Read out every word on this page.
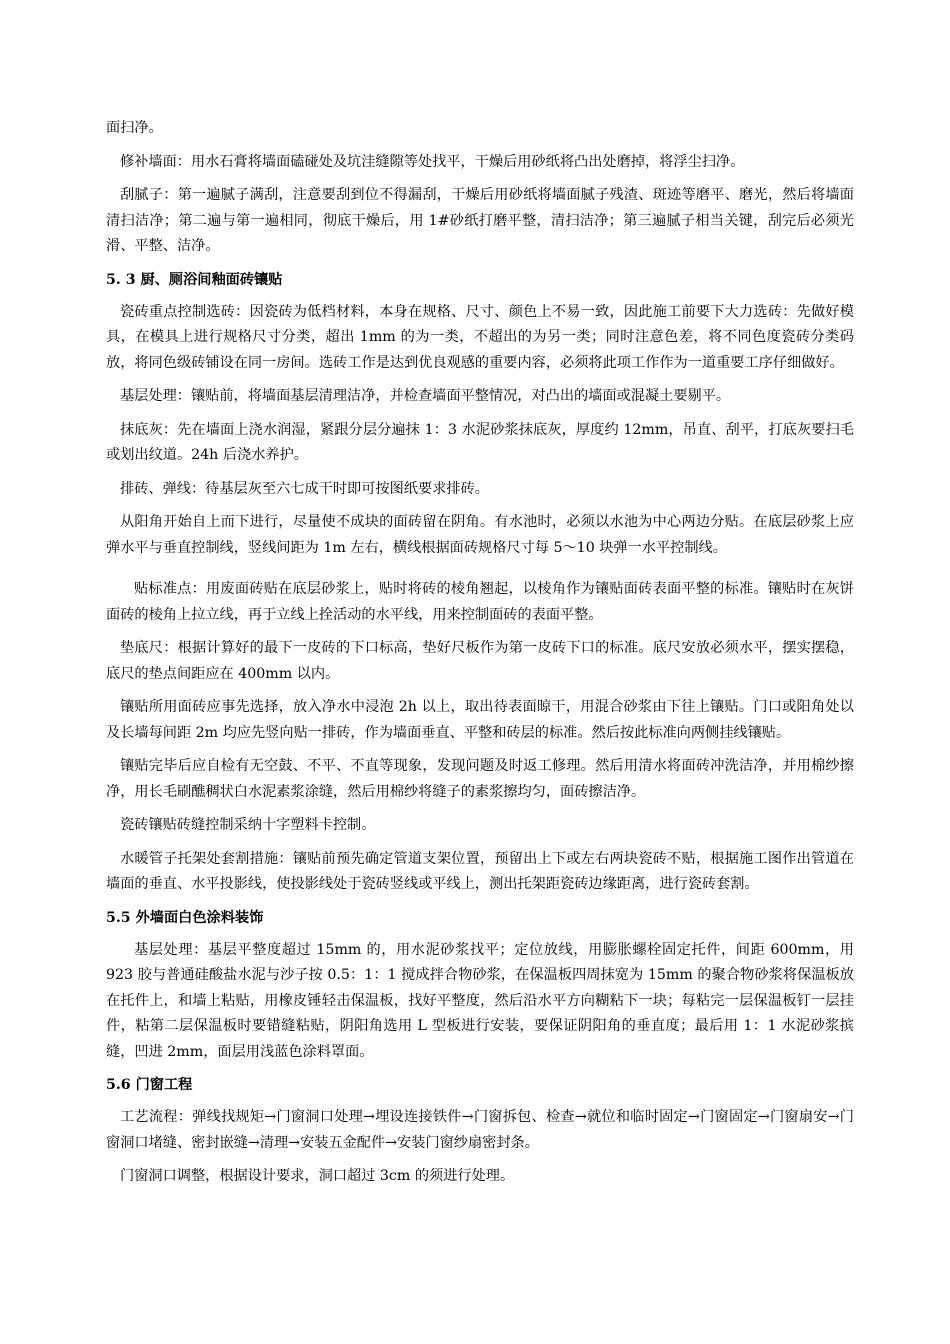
面扫净。

修补墙面：用水石膏将墙面磕碰处及坑洼缝隙等处找平，干燥后用砂纸将凸出处磨掉，将浮尘扫净。

刮腻子：第一遍腻子满刮，注意要刮到位不得漏刮，干燥后用砂纸将墙面腻子残渣、斑迹等磨平、磨光，然后将墙面清扫洁净；第二遍与第一遍相同，彻底干燥后，用 1#砂纸打磨平整，清扫洁净；第三遍腻子相当关键，刮完后必须光滑、平整、洁净。

5. 3 厨、厕浴间釉面砖镶贴

瓷砖重点控制选砖：因瓷砖为低档材料，本身在规格、尺寸、颜色上不易一致，因此施工前要下大力选砖：先做好模具，在模具上进行规格尺寸分类，超出 1mm 的为一类，不超出的为另一类；同时注意色差，将不同色度瓷砖分类码放，将同色级砖铺设在同一房间。选砖工作是达到优良观感的重要内容，必须将此项工作作为一道重要工序仔细做好。

基层处理：镶贴前，将墙面基层清理洁净，并检查墙面平整情况，对凸出的墙面或混凝土要剔平。

抹底灰：先在墙面上浇水润湿，紧跟分层分遍抹 1：3 水泥砂浆抹底灰，厚度约 12mm，吊直、刮平，打底灰要扫毛或划出纹道。24h 后浇水养护。

排砖、弹线：待基层灰至六七成干时即可按图纸要求排砖。

从阳角开始自上而下进行，尽量使不成块的面砖留在阴角。有水池时，必须以水池为中心两边分贴。在底层砂浆上应弹水平与垂直控制线，竖线间距为 1m 左右，横线根据面砖规格尺寸每 5～10 块弹一水平控制线。

贴标准点：用废面砖贴在底层砂浆上，贴时将砖的棱角翘起，以棱角作为镶贴面砖表面平整的标准。镶贴时在灰饼面砖的棱角上拉立线，再于立线上拴活动的水平线，用来控制面砖的表面平整。

垫底尺：根据计算好的最下一皮砖的下口标高，垫好尺板作为第一皮砖下口的标准。底尺安放必须水平，摆实摆稳，底尺的垫点间距应在 400mm 以内。

镶贴所用面砖应事先选择，放入净水中浸泡 2h 以上，取出待表面晾干，用混合砂浆由下往上镶贴。门口或阳角处以及长墙每间距 2m 均应先竖向贴一排砖，作为墙面垂直、平整和砖层的标准。然后按此标准向两侧挂线镶贴。

镶贴完毕后应自检有无空鼓、不平、不直等现象，发现问题及时返工修理。然后用清水将面砖冲洗洁净，并用棉纱擦净，用长毛刷醮稠状白水泥素浆涂缝，然后用棉纱将缝子的素浆擦均匀，面砖擦洁净。

瓷砖镶贴砖缝控制采纳十字塑料卡控制。

水暖管子托架处套割措施：镶贴前预先确定管道支架位置，预留出上下或左右两块瓷砖不贴，根据施工图作出管道在墙面的垂直、水平投影线，使投影线处于瓷砖竖线或平线上，测出托架距瓷砖边缘距离，进行瓷砖套割。

5.5 外墙面白色涂料装饰

基层处理：基层平整度超过 15mm 的，用水泥砂浆找平；定位放线，用膨胀螺栓固定托件，间距 600mm，用 923 胶与普通硅酸盐水泥与沙子按 0.5：1：1 搅成拌合物砂浆，在保温板四周抹宽为 15mm 的聚合物砂浆将保温板放在托件上，和墙上粘贴，用橡皮锤轻击保温板，找好平整度，然后沿水平方向糊粘下一块；每粘完一层保温板钉一层挂件，粘第二层保温板时要错缝粘贴，阴阳角选用 L 型板进行安装，要保证阴阳角的垂直度；最后用 1：1 水泥砂浆摈缝，凹进 2mm，面层用浅蓝色涂料罩面。

5.6 门窗工程

工艺流程：弹线找规矩→门窗洞口处理→埋设连接铁件→门窗拆包、检查→就位和临时固定→门窗固定→门窗扇安→门窗洞口堵缝、密封嵌缝→清理→安装五金配件→安装门窗纱扇密封条。

门窗洞口调整，根据设计要求，洞口超过 3cm 的须进行处理。
